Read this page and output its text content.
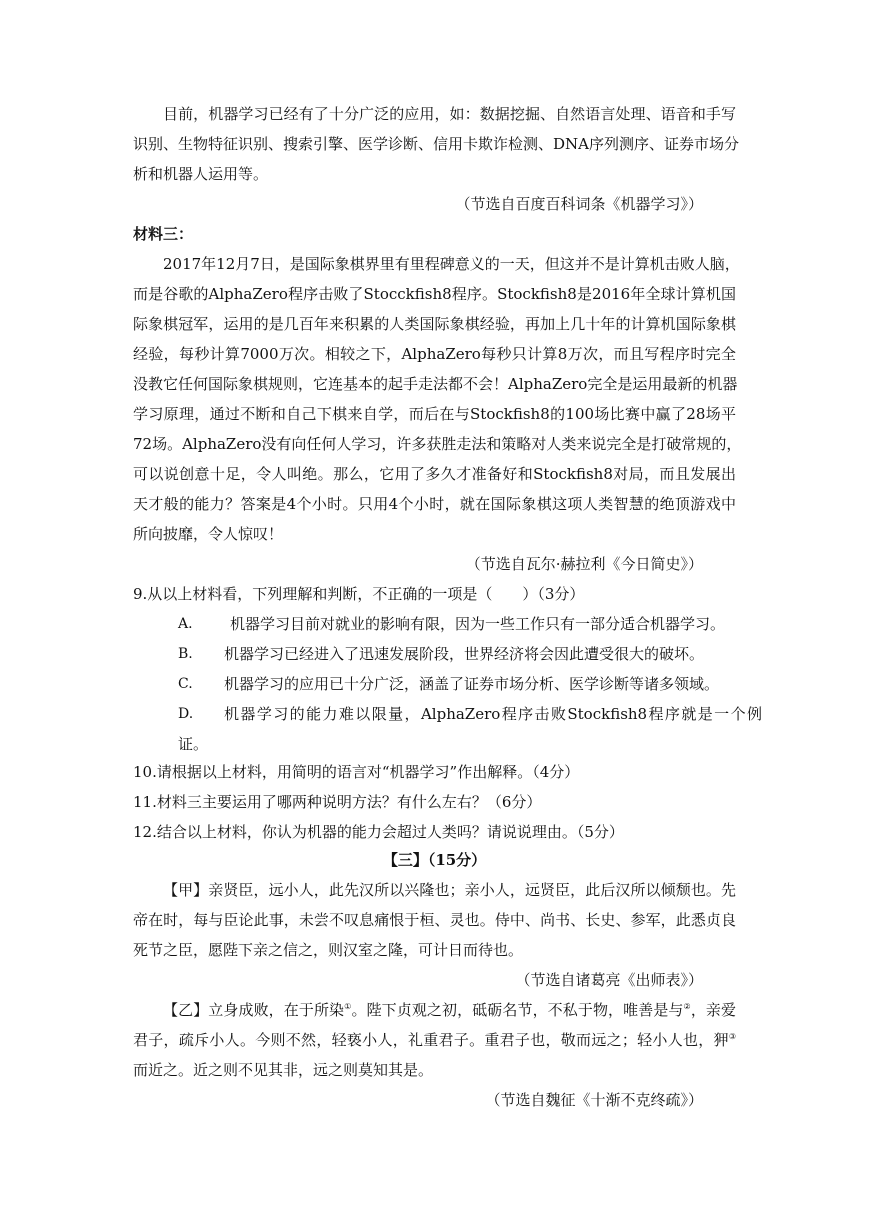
目前，机器学习已经有了十分广泛的应用，如：数据挖掘、自然语言处理、语音和手写
识别、生物特征识别、搜索引擎、医学诊断、信用卡欺诈检测、DNA序列测序、证券市场分
析和机器人运用等。
（节选自百度百科词条《机器学习》）
材料三：
2017年12月7日，是国际象棋界里有里程碑意义的一天，但这并不是计算机击败人脑，
而是谷歌的AlphaZero程序击败了Stocckfish8程序。Stockfish8是2016年全球计算机国
际象棋冠军，运用的是几百年来积累的人类国际象棋经验，再加上几十年的计算机国际象棋
经验，每秒计算7000万次。相较之下，AlphaZero每秒只计算8万次，而且写程序时完全
没教它任何国际象棋规则，它连基本的起手走法都不会！AlphaZero完全是运用最新的机器
学习原理，通过不断和自己下棋来自学，而后在与Stockfish8的100场比赛中赢了28场平
72场。AlphaZero没有向任何人学习，许多获胜走法和策略对人类来说完全是打破常规的，
可以说创意十足，令人叫绝。那么，它用了多久才准备好和Stockfish8对局，而且发展出
天才般的能力？答案是4个小时。只用4个小时，就在国际象棋这项人类智慧的绝顶游戏中
所向披靡，令人惊叹！
（节选自瓦尔·赫拉利《今日简史》）
9.从以上材料看，下列理解和判断，不正确的一项是（　　）（3分）
A. 机器学习目前对就业的影响有限，因为一些工作只有一部分适合机器学习。
B. 机器学习已经进入了迅速发展阶段，世界经济将会因此遭受很大的破坏。
C. 机器学习的应用已十分广泛，涵盖了证券市场分析、医学诊断等诸多领域。
D. 机器学习的能力难以限量，AlphaZero程序击败Stockfish8程序就是一个例
证。
10.请根据以上材料，用简明的语言对“机器学习”作出解释。（4分）
11.材料三主要运用了哪两种说明方法？有什么左右？（6分）
12.结合以上材料，你认为机器的能力会超过人类吗？请说说理由。（5分）
【三】（15分）
【甲】亲贤臣，远小人，此先汉所以兴隆也；亲小人，远贤臣，此后汉所以倾颓也。先
帝在时，每与臣论此事，未尝不叹息痛恨于桓、灵也。侍中、尚书、长史、参军，此悉贞良
死节之臣，愿陛下亲之信之，则汉室之隆，可计日而待也。
（节选自诸葛亮《出师表》）
【乙】立身成败，在于所染①。陛下贞观之初，砥砺名节，不私于物，唯善是与②，亲爱
君子，疏斥小人。今则不然，轻亵小人，礼重君子。重君子也，敬而远之；轻小人也，狎③
而近之。近之则不见其非，远之则莫知其是。
（节选自魏征《十渐不克终疏》）
